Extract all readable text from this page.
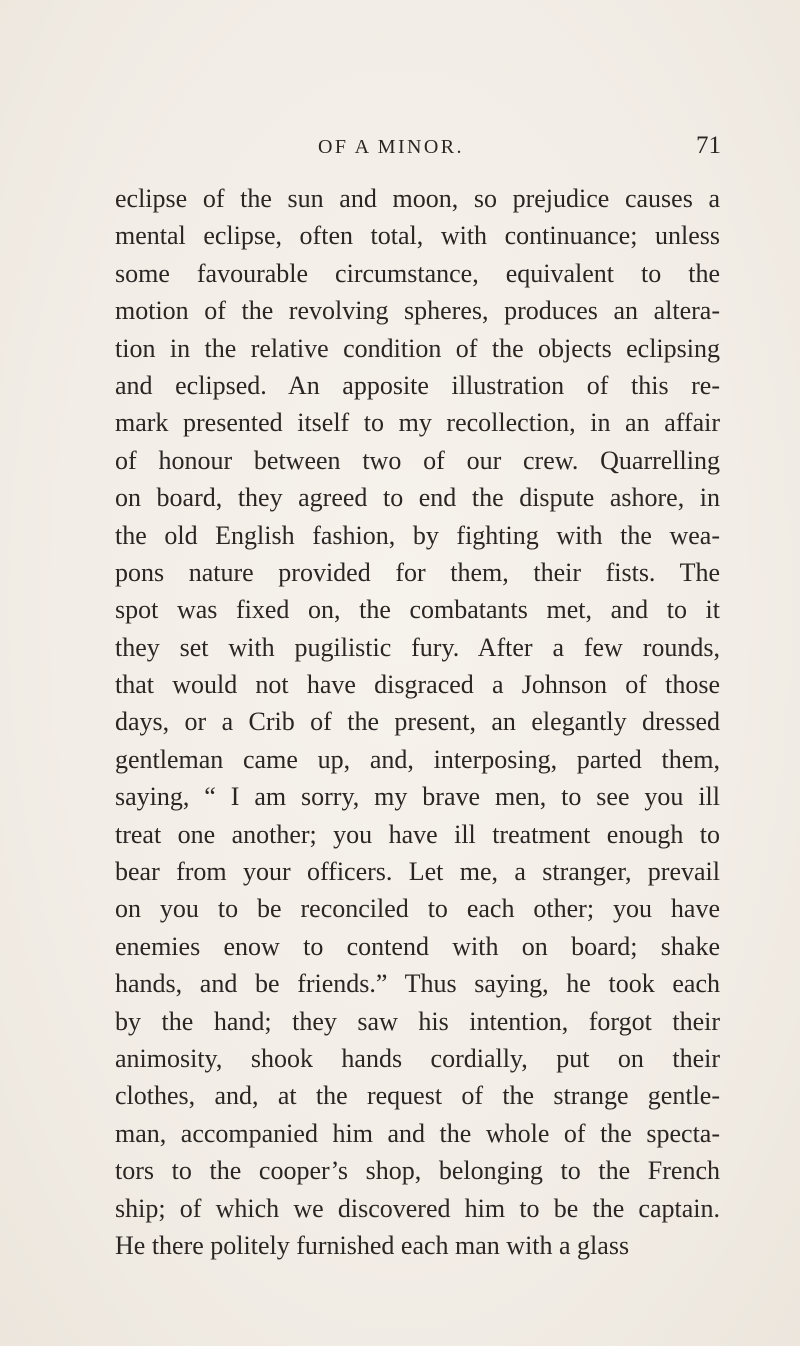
OF A MINOR.	71
eclipse of the sun and moon, so prejudice causes a
mental eclipse, often total, with continuance; unless
some favourable circumstance, equivalent to the
motion of the revolving spheres, produces an altera-
tion in the relative condition of the objects eclipsing
and eclipsed. An apposite illustration of this re-
mark presented itself to my recollection, in an affair
of honour between two of our crew. Quarrelling
on board, they agreed to end the dispute ashore, in
the old English fashion, by fighting with the wea-
pons nature provided for them, their fists. The
spot was fixed on, the combatants met, and to it
they set with pugilistic fury. After a few rounds,
that would not have disgraced a Johnson of those
days, or a Crib of the present, an elegantly dressed
gentleman came up, and, interposing, parted them,
saying, “ I am sorry, my brave men, to see you ill
treat one another; you have ill treatment enough to
bear from your officers. Let me, a stranger, prevail
on you to be reconciled to each other; you have
enemies enow to contend with on board; shake
hands, and be friends.” Thus saying, he took each
by the hand; they saw his intention, forgot their
animosity, shook hands cordially, put on their
clothes, and, at the request of the strange gentle-
man, accompanied him and the whole of the specta-
tors to the cooper’s shop, belonging to the French
ship; of which we discovered him to be the captain.
He there politely furnished each man with a glass
